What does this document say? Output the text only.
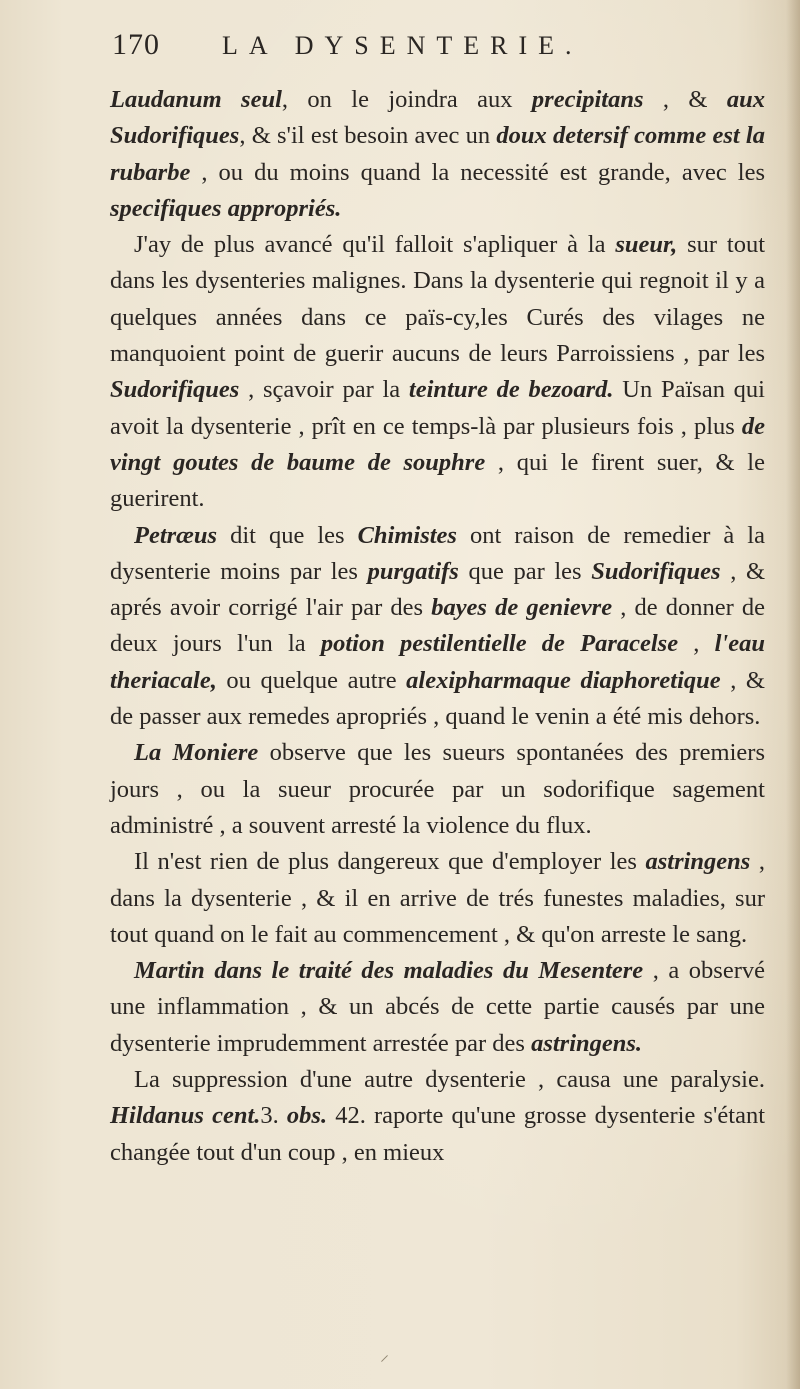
170 LA DYSENTERIE.

Laudanum seul, on le joindra aux precipitans , & aux Sudorifiques, & s'il est besoin avec un doux detersif comme est la rubarbe , ou du moins quand la necessité est grande, avec les specifiques appropriés.

J'ay de plus avancé qu'il falloit s'apliquer à la sueur, sur tout dans les dysenteries malignes. Dans la dysenterie qui regnoit il y a quelques années dans ce païs-cy,les Curés des vilages ne manquoient point de guerir aucuns de leurs Parroissiens , par les Sudorifiques , sçavoir par la teinture de bezoard. Un Païsan qui avoit la dysenterie , prît en ce temps-là par plusieurs fois , plus de vingt goutes de baume de souphre , qui le firent suer, & le guerirent.

Petræus dit que les Chimistes ont raison de remedier à la dysenterie moins par les purgatifs que par les Sudorifiques , & aprés avoir corrigé l'air par des bayes de genievre , de donner de deux jours l'un la potion pestilentielle de Paracelse , l'eau theriacale, ou quelque autre alexipharmaque diaphoretique , & de passer aux remedes apropriés , quand le venin a été mis dehors.

La Moniere observe que les sueurs spontanées des premiers jours , ou la sueur procurée par un sodorifique sagement administré , a souvent arresté la violence du flux.

Il n'est rien de plus dangereux que d'employer les astringens , dans la dysenterie , & il en arrive de trés funestes maladies, sur tout quand on le fait au commencement , & qu'on arreste le sang.

Martin dans le traité des maladies du Mesentere , a observé une inflammation , & un abcés de cette partie causés par une dysenterie imprudemment arrestée par des astringens.

La suppression d'une autre dysenterie , causa une paralysie. Hildanus cent.3. obs. 42. raporte qu'une grosse dysenterie s'étant changée tout d'un coup , en mieux

⸍
